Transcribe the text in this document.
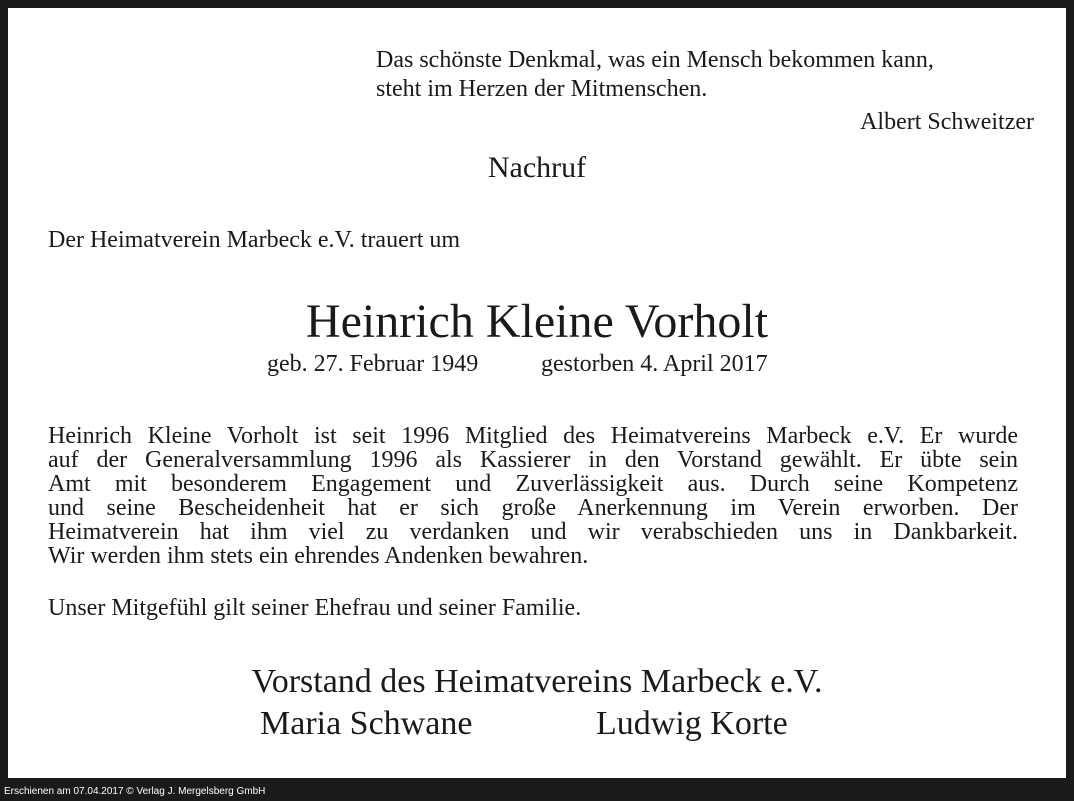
Das schönste Denkmal, was ein Mensch bekommen kann,
steht im Herzen der Mitmenschen.
Albert Schweitzer
Nachruf
Der Heimatverein Marbeck e.V. trauert um
Heinrich Kleine Vorholt
geb. 27. Februar 1949	gestorben 4. April 2017
Heinrich Kleine Vorholt ist seit 1996 Mitglied des Heimatvereins Marbeck e.V. Er wurde
auf der Generalversammlung 1996 als Kassierer in den Vorstand gewählt. Er übte sein
Amt mit besonderem Engagement und Zuverlässigkeit aus. Durch seine Kompetenz
und seine Bescheidenheit hat er sich große Anerkennung im Verein erworben. Der
Heimatverein hat ihm viel zu verdanken und wir verabschieden uns in Dankbarkeit.
Wir werden ihm stets ein ehrendes Andenken bewahren.
Unser Mitgefühl gilt seiner Ehefrau und seiner Familie.
Vorstand des Heimatvereins Marbeck e.V.
Maria Schwane	Ludwig Korte
Erschienen am 07.04.2017 © Verlag J. Mergelsberg GmbH
